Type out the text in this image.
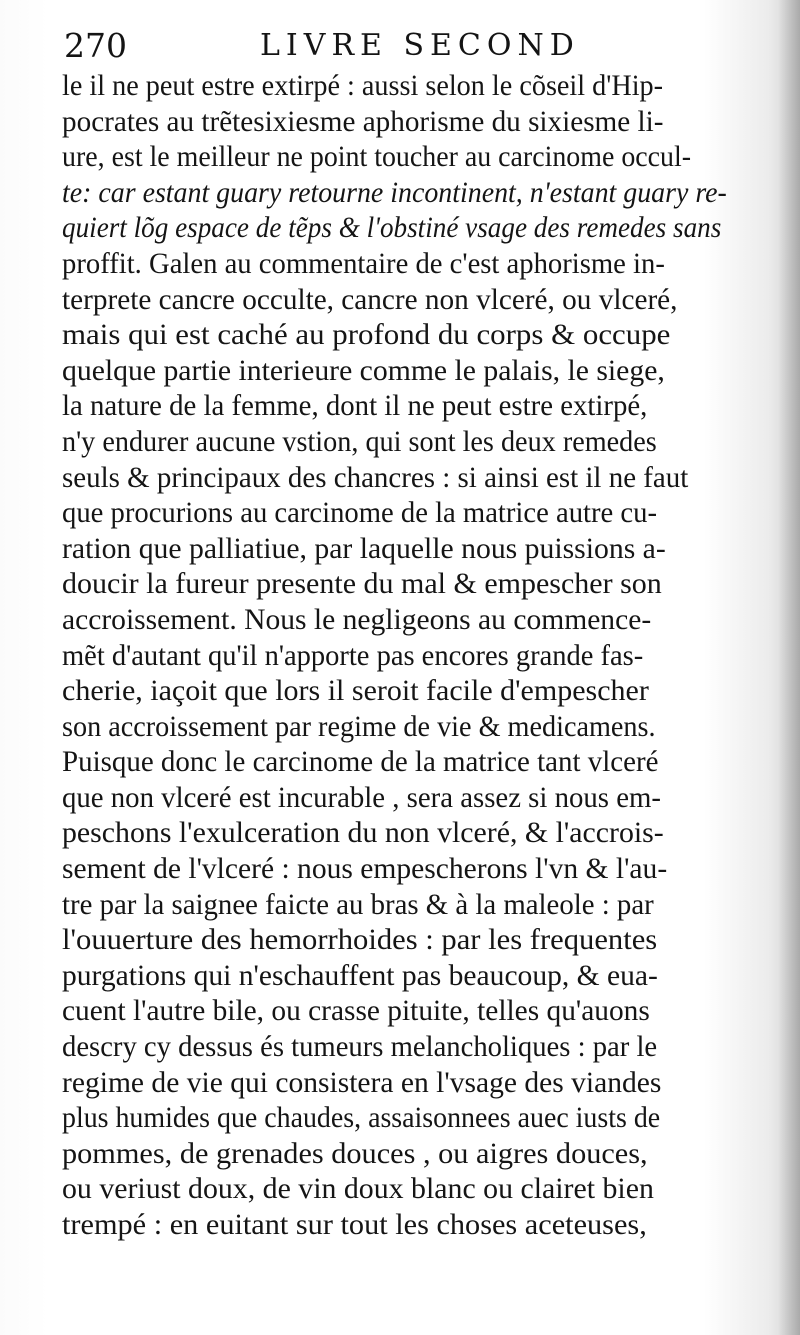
270	LIVRE SECOND
le il ne peut estre extirpé : aussi selon le cõseil d'Hip-
pocrates au trẽtesixiesme aphorisme du sixiesme li-
ure, est le meilleur ne point toucher au carcinome occul-
te: car estant guary retourne incontinent, n'estant guary re-
quiert lõg espace de tẽps & l'obstiné vsage des remedes sans
proffit. Galen au commentaire de c'est aphorisme in-
terprete cancre occulte, cancre non vlceré, ou vlceré,
mais qui est caché au profond du corps & occupe
quelque partie interieure comme le palais, le siege,
la nature de la femme, dont il ne peut estre extirpé,
n'y endurer aucune vstion, qui sont les deux remedes
seuls & principaux des chancres : si ainsi est il ne faut
que procurions au carcinome de la matrice autre cu-
ration que palliatiue, par laquelle nous puissions a-
doucir la fureur presente du mal & empescher son
accroissement. Nous le negligeons au commence-
mẽt d'autant qu'il n'apporte pas encores grande fas-
cherie, iaçoit que lors il seroit facile d'empescher
son accroissement par regime de vie & medicamens.
Puisque donc le carcinome de la matrice tant vlceré
que non vlceré est incurable , sera assez si nous em-
peschons l'exulceration du non vlceré, & l'accrois-
sement de l'vlceré : nous empescherons l'vn & l'au-
tre par la saignee faicte au bras & à la maleole : par
l'ouuerture des hemorrhoides : par les frequentes
purgations qui n'eschauffent pas beaucoup, & eua-
cuent l'autre bile, ou crasse pituite, telles qu'auons
descry cy dessus és tumeurs melancholiques : par le
regime de vie qui consistera en l'vsage des viandes
plus humides que chaudes, assaisonnees auec iusts de
pommes, de grenades douces , ou aigres douces,
ou veriust doux, de vin doux blanc ou clairet bien
trempé : en euitant sur tout les choses aceteuses,
